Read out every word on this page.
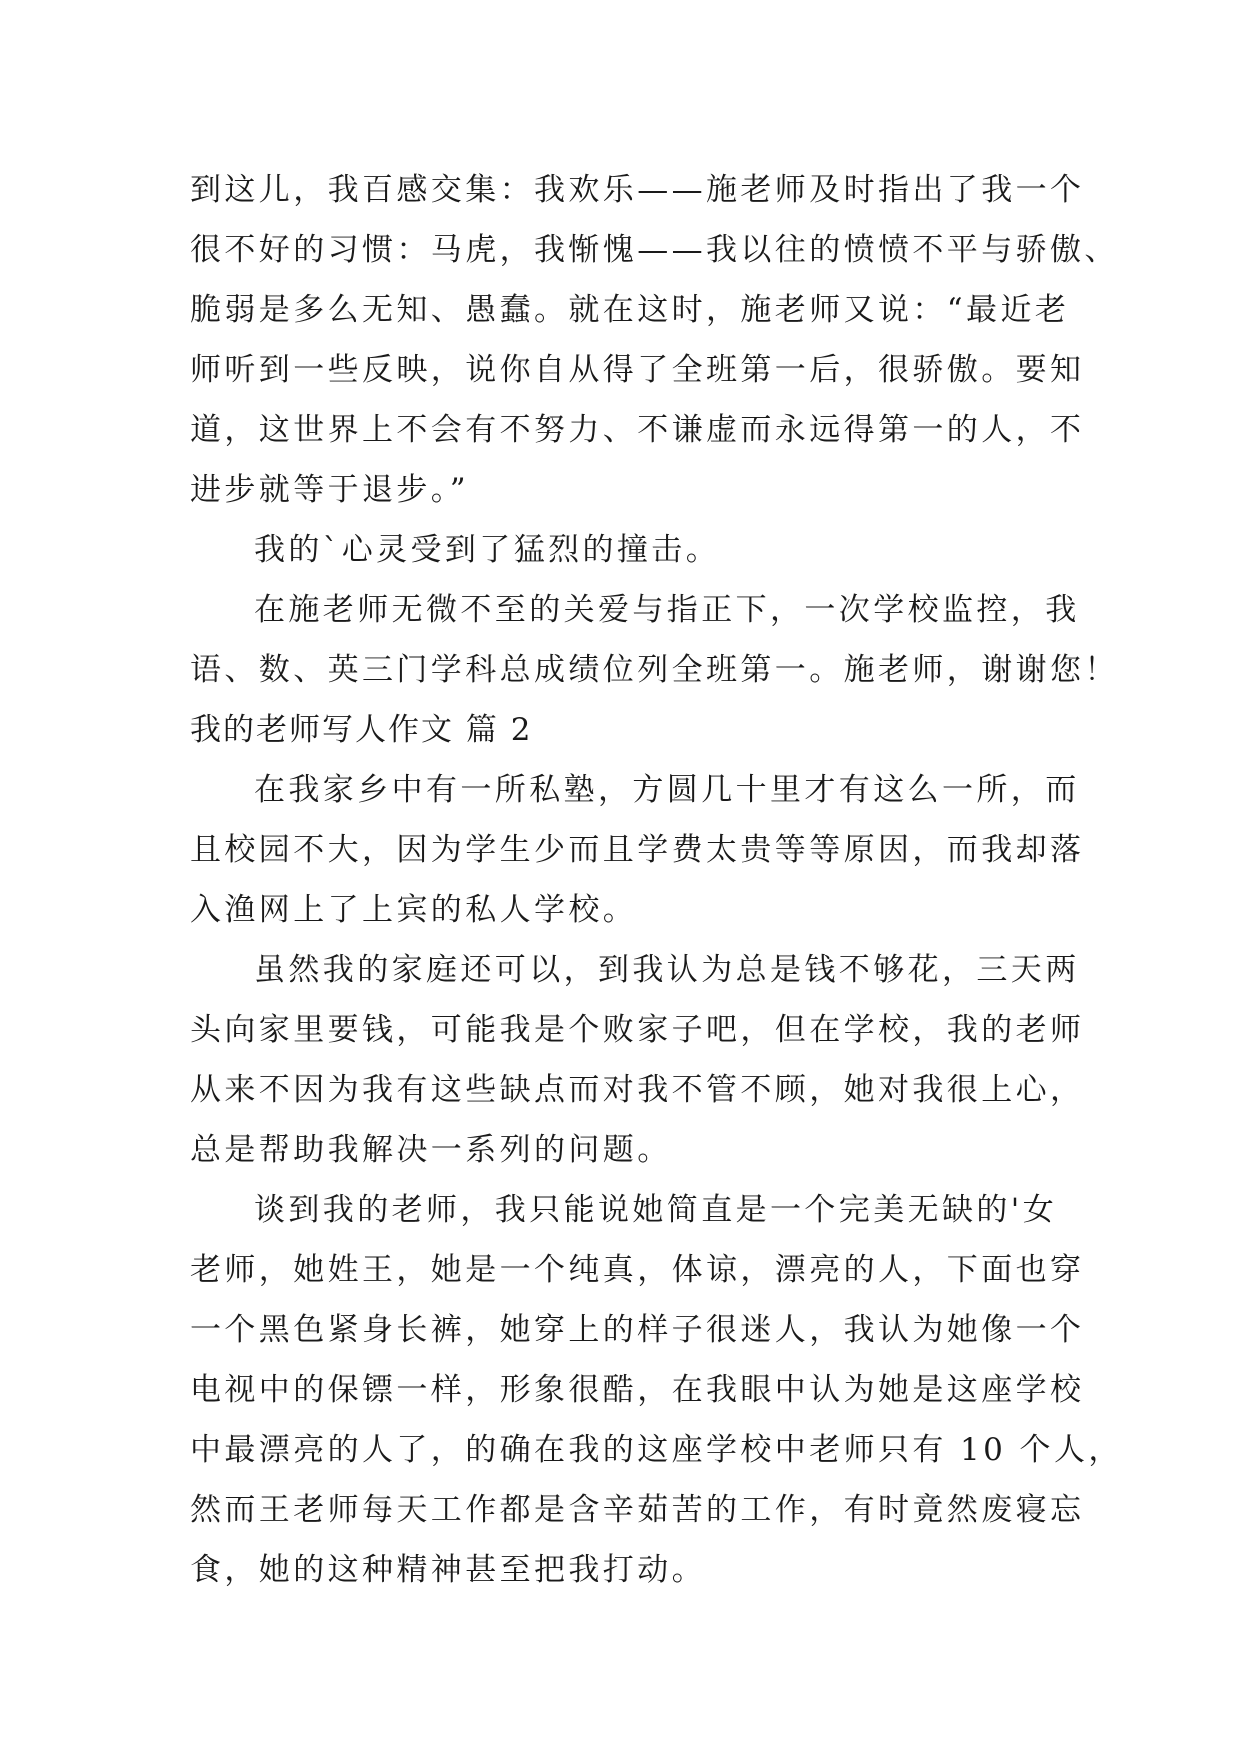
到这儿，我百感交集：我欢乐——施老师及时指出了我一个
很不好的习惯：马虎，我惭愧——我以往的愤愤不平与骄傲、
脆弱是多么无知、愚蠢。就在这时，施老师又说：“最近老
师听到一些反映，说你自从得了全班第一后，很骄傲。要知
道，这世界上不会有不努力、不谦虚而永远得第一的人，不
进步就等于退步。”
我的`心灵受到了猛烈的撞击。
在施老师无微不至的关爱与指正下，一次学校监控，我
语、数、英三门学科总成绩位列全班第一。施老师，谢谢您！
我的老师写人作文 篇 2
在我家乡中有一所私塾，方圆几十里才有这么一所，而
且校园不大，因为学生少而且学费太贵等等原因，而我却落
入渔网上了上宾的私人学校。
虽然我的家庭还可以，到我认为总是钱不够花，三天两
头向家里要钱，可能我是个败家子吧，但在学校，我的老师
从来不因为我有这些缺点而对我不管不顾，她对我很上心，
总是帮助我解决一系列的问题。
谈到我的老师，我只能说她简直是一个完美无缺的'女
老师，她姓王，她是一个纯真，体谅，漂亮的人，下面也穿
一个黑色紧身长裤，她穿上的样子很迷人，我认为她像一个
电视中的保镖一样，形象很酷，在我眼中认为她是这座学校
中最漂亮的人了，的确在我的这座学校中老师只有 10 个人，
然而王老师每天工作都是含辛茹苦的工作，有时竟然废寝忘
食，她的这种精神甚至把我打动。
